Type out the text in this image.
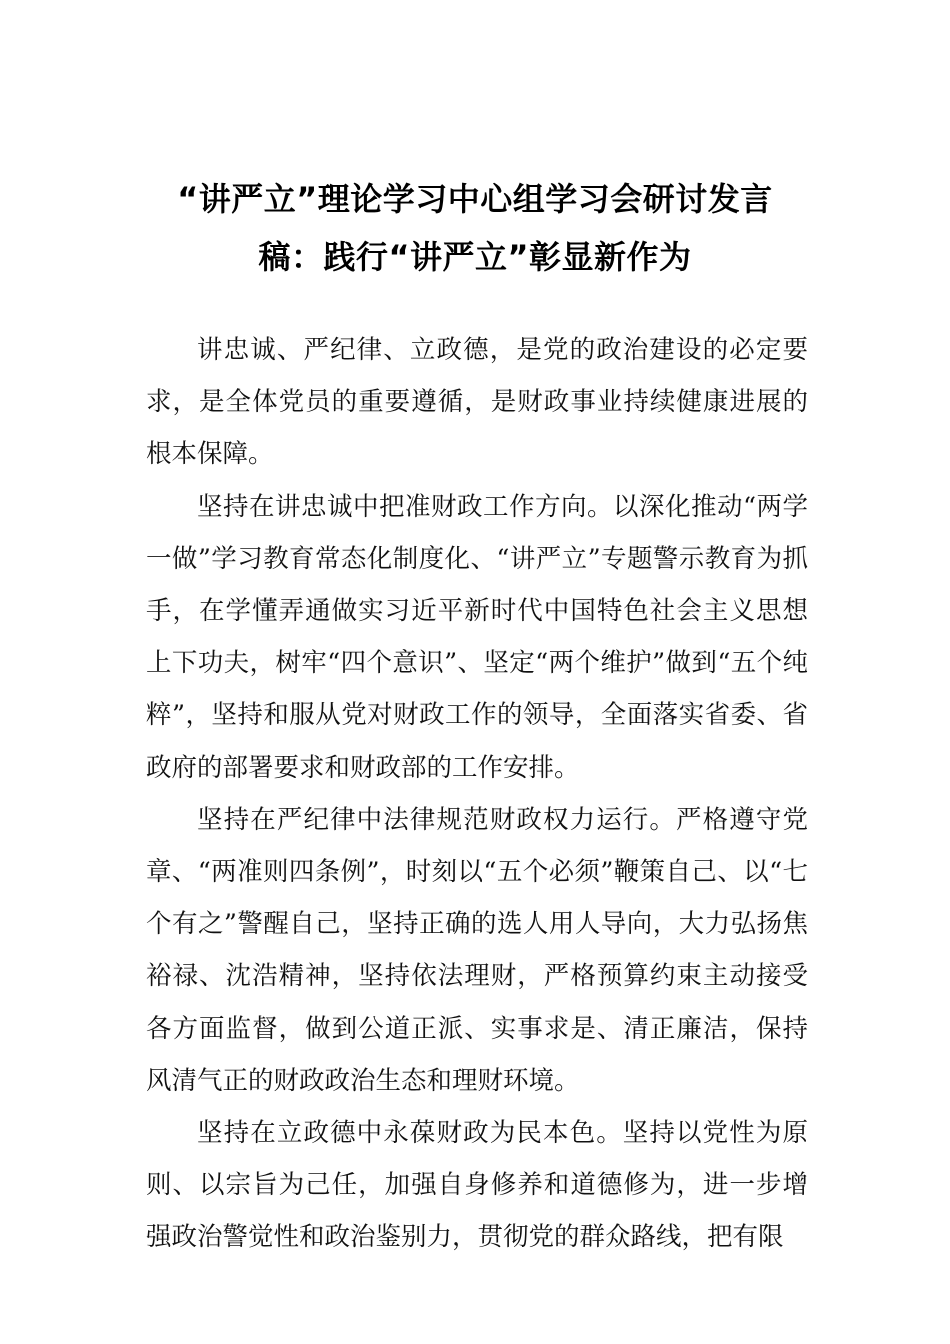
“讲严立”理论学习中心组学习会研讨发言
稿：践行“讲严立”彰显新作为

讲忠诚、严纪律、立政德，是党的政治建设的必定要求，是全体党员的重要遵循，是财政事业持续健康进展的根本保障。

坚持在讲忠诚中把准财政工作方向。以深化推动“两学一做”学习教育常态化制度化、“讲严立”专题警示教育为抓手，在学懂弄通做实习近平新时代中国特色社会主义思想上下功夫，树牢“四个意识”、坚定“两个维护”做到“五个纯粹”，坚持和服从党对财政工作的领导，全面落实省委、省政府的部署要求和财政部的工作安排。

坚持在严纪律中法律规范财政权力运行。严格遵守党章、“两准则四条例”，时刻以“五个必须”鞭策自己、以“七个有之”警醒自己，坚持正确的选人用人导向，大力弘扬焦裕禄、沈浩精神，坚持依法理财，严格预算约束主动接受各方面监督，做到公道正派、实事求是、清正廉洁，保持风清气正的财政政治生态和理财环境。

坚持在立政德中永葆财政为民本色。坚持以党性为原则、以宗旨为己任，加强自身修养和道德修为，进一步增强政治警觉性和政治鉴别力，贯彻党的群众路线，把有限
